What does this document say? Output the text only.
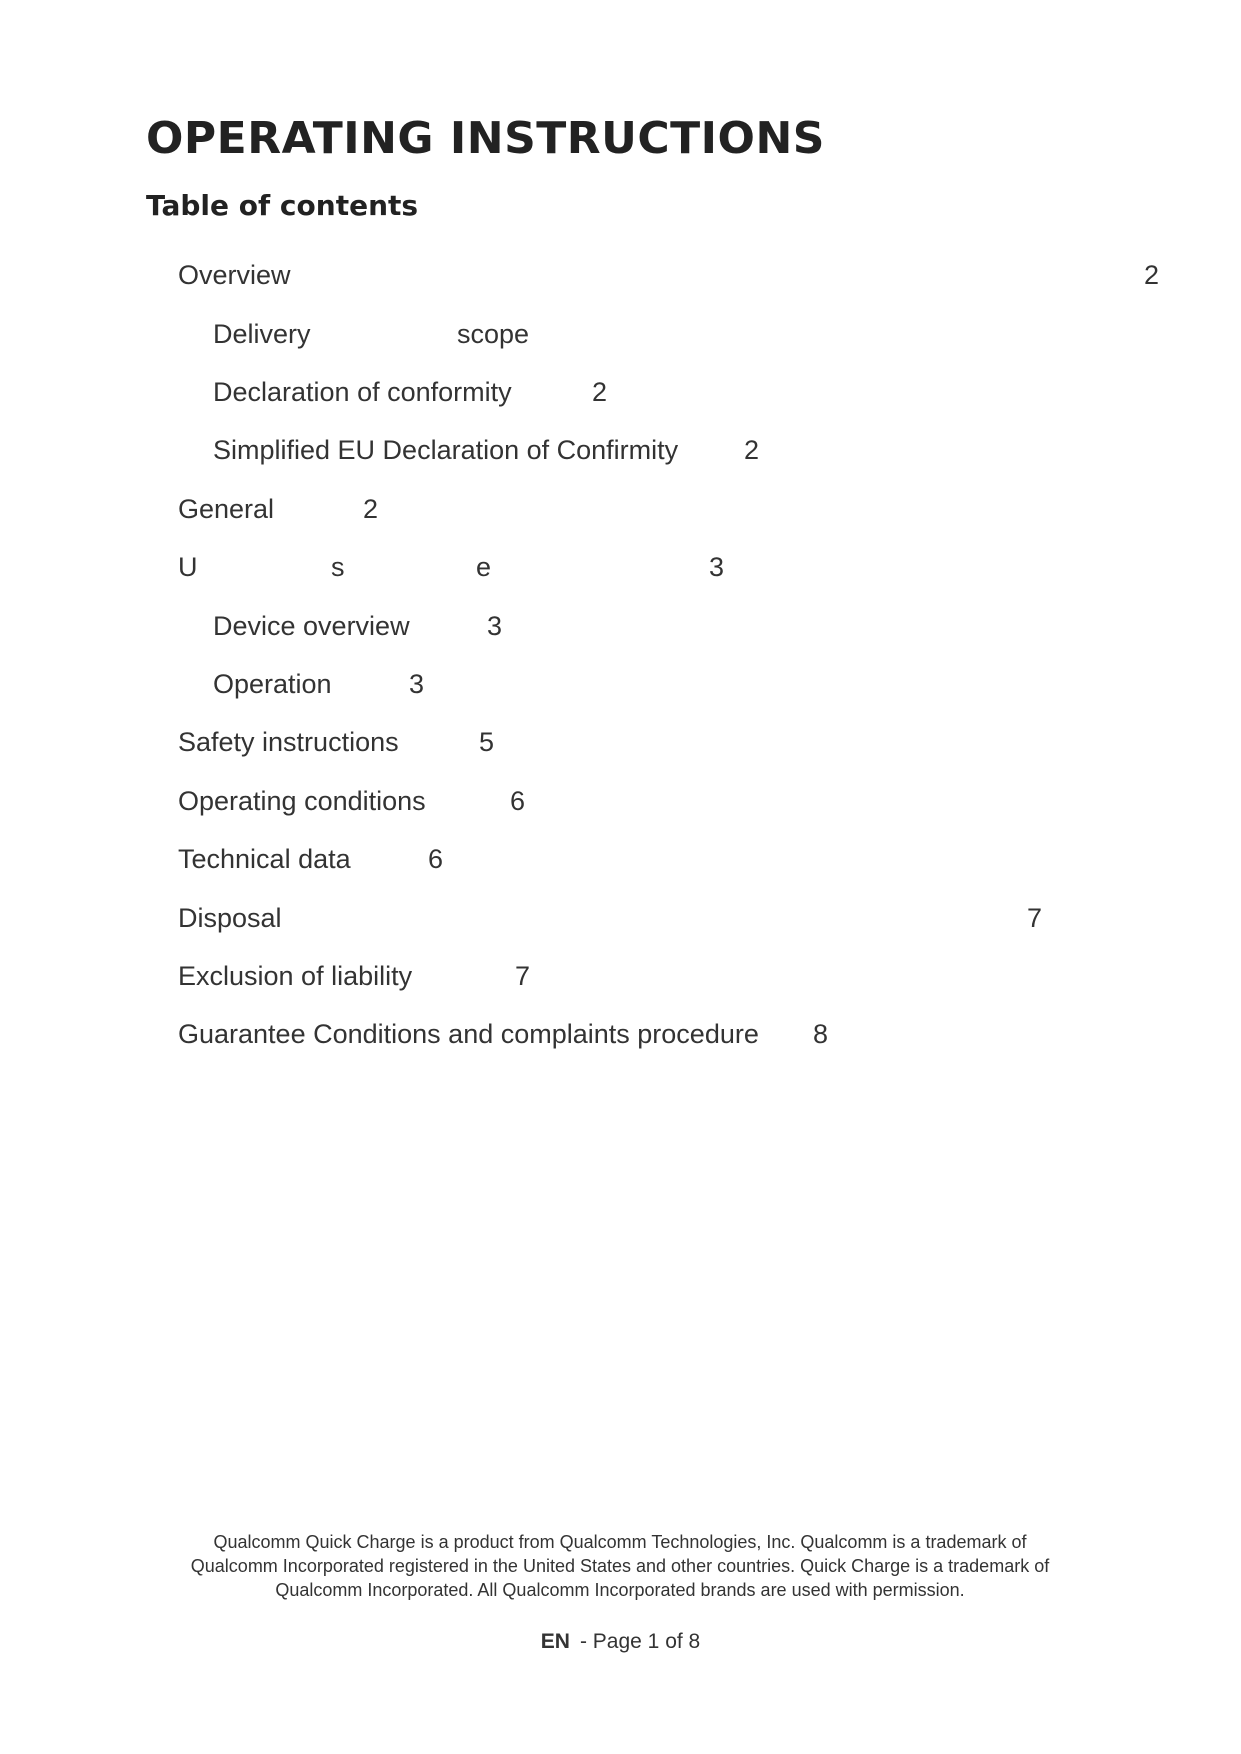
OPERATING INSTRUCTIONS
Table of contents
Overview	2
Delivery	scope
Declaration of conformity	2
Simplified EU Declaration of Confirmity 2
General	2
U	s	e	3
Device overview	3
Operation	3
Safety instructions	5
Operating conditions	6
Technical data	6
Disposal	7
Exclusion of liability	7
Guarantee Conditions and complaints procedure 8
Qualcomm Quick Charge is a product from Qualcomm Technologies, Inc. Qualcomm is a trademark of
Qualcomm Incorporated registered in the United States and other countries. Quick Charge is a trademark of
Qualcomm Incorporated. All Qualcomm Incorporated brands are used with permission.
EN - Page 1 of 8
